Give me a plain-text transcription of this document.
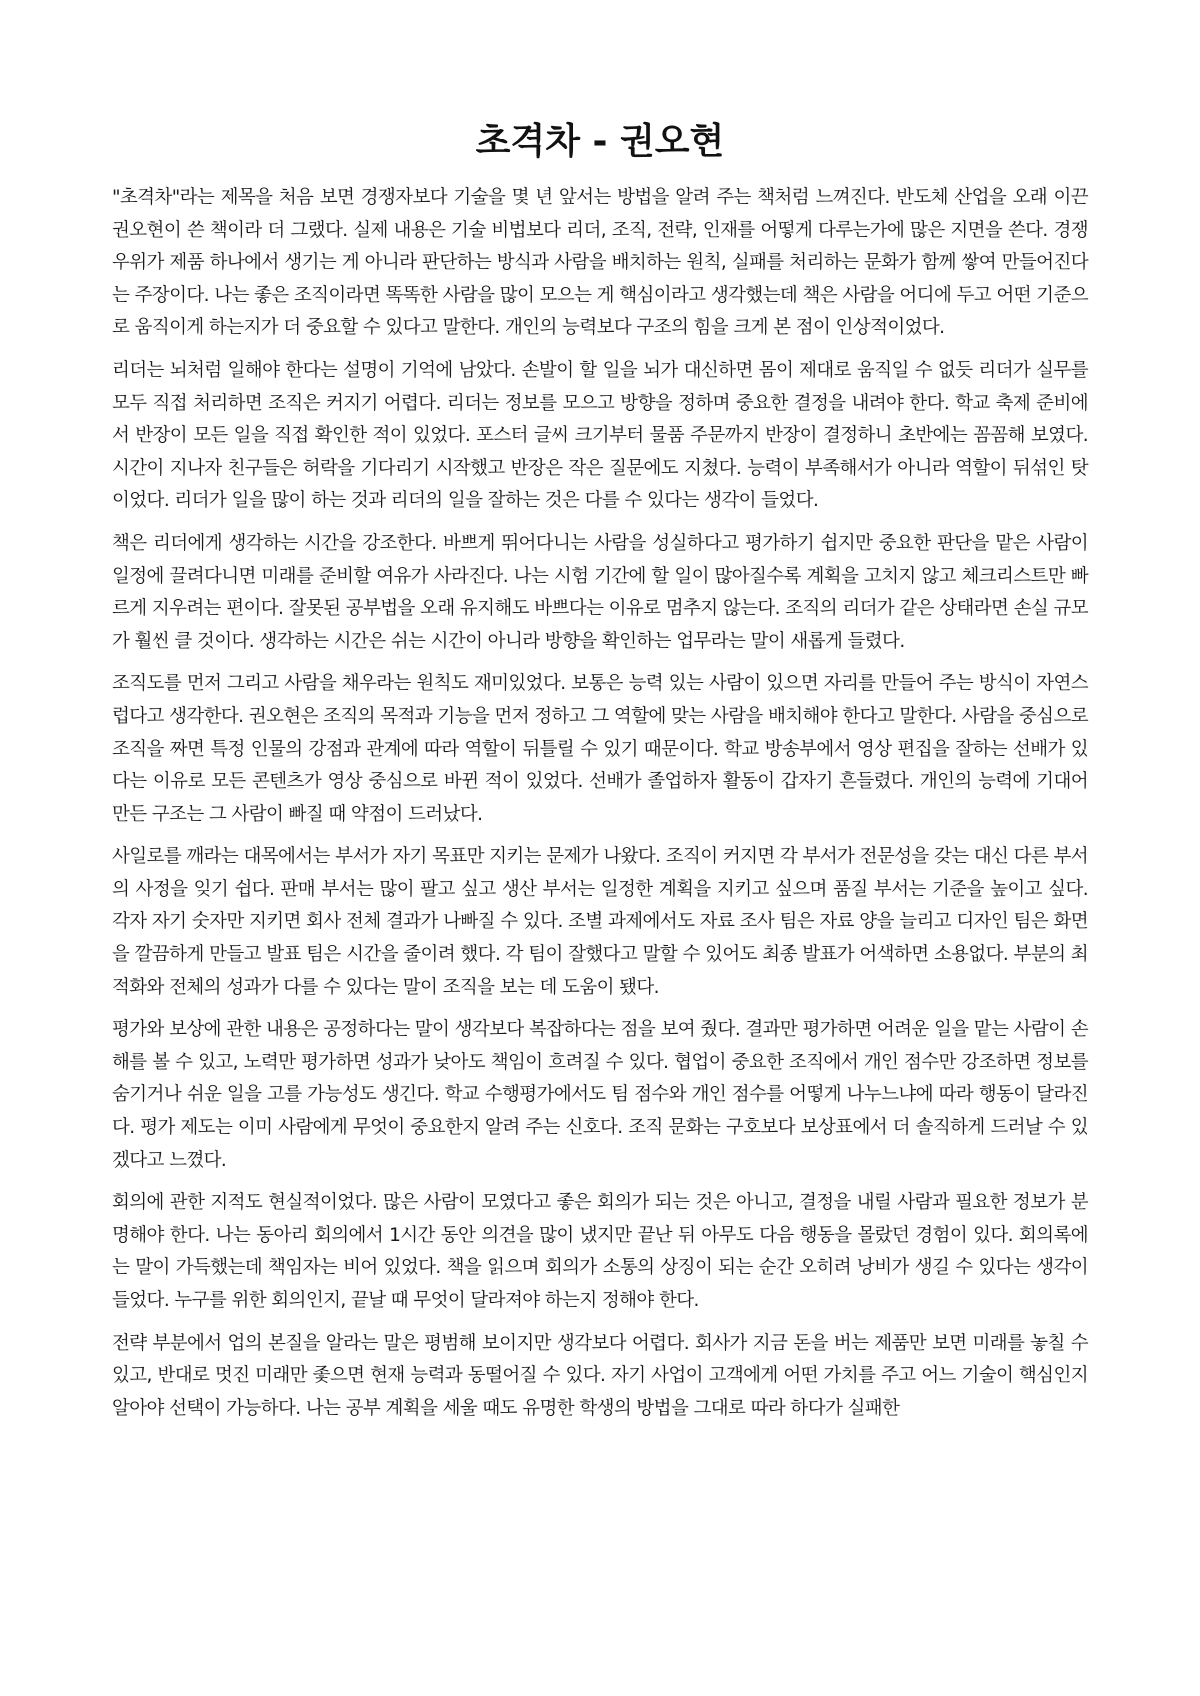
초격차 - 권오현

"초격차"라는 제목을 처음 보면 경쟁자보다 기술을 몇 년 앞서는 방법을 알려 주는 책처럼 느껴진다. 반도체 산업을 오래 이끈 권오현이 쓴 책이라 더 그랬다. 실제 내용은 기술 비법보다 리더, 조직, 전략, 인재를 어떻게 다루는가에 많은 지면을 쓴다. 경쟁 우위가 제품 하나에서 생기는 게 아니라 판단하는 방식과 사람을 배치하는 원칙, 실패를 처리하는 문화가 함께 쌓여 만들어진다는 주장이다. 나는 좋은 조직이라면 똑똑한 사람을 많이 모으는 게 핵심이라고 생각했는데 책은 사람을 어디에 두고 어떤 기준으로 움직이게 하는지가 더 중요할 수 있다고 말한다. 개인의 능력보다 구조의 힘을 크게 본 점이 인상적이었다.

리더는 뇌처럼 일해야 한다는 설명이 기억에 남았다. 손발이 할 일을 뇌가 대신하면 몸이 제대로 움직일 수 없듯 리더가 실무를 모두 직접 처리하면 조직은 커지기 어렵다. 리더는 정보를 모으고 방향을 정하며 중요한 결정을 내려야 한다. 학교 축제 준비에서 반장이 모든 일을 직접 확인한 적이 있었다. 포스터 글씨 크기부터 물품 주문까지 반장이 결정하니 초반에는 꼼꼼해 보였다. 시간이 지나자 친구들은 허락을 기다리기 시작했고 반장은 작은 질문에도 지쳤다. 능력이 부족해서가 아니라 역할이 뒤섞인 탓이었다. 리더가 일을 많이 하는 것과 리더의 일을 잘하는 것은 다를 수 있다는 생각이 들었다.

책은 리더에게 생각하는 시간을 강조한다. 바쁘게 뛰어다니는 사람을 성실하다고 평가하기 쉽지만 중요한 판단을 맡은 사람이 일정에 끌려다니면 미래를 준비할 여유가 사라진다. 나는 시험 기간에 할 일이 많아질수록 계획을 고치지 않고 체크리스트만 빠르게 지우려는 편이다. 잘못된 공부법을 오래 유지해도 바쁘다는 이유로 멈추지 않는다. 조직의 리더가 같은 상태라면 손실 규모가 훨씬 클 것이다. 생각하는 시간은 쉬는 시간이 아니라 방향을 확인하는 업무라는 말이 새롭게 들렸다.

조직도를 먼저 그리고 사람을 채우라는 원칙도 재미있었다. 보통은 능력 있는 사람이 있으면 자리를 만들어 주는 방식이 자연스럽다고 생각한다. 권오현은 조직의 목적과 기능을 먼저 정하고 그 역할에 맞는 사람을 배치해야 한다고 말한다. 사람을 중심으로 조직을 짜면 특정 인물의 강점과 관계에 따라 역할이 뒤틀릴 수 있기 때문이다. 학교 방송부에서 영상 편집을 잘하는 선배가 있다는 이유로 모든 콘텐츠가 영상 중심으로 바뀐 적이 있었다. 선배가 졸업하자 활동이 갑자기 흔들렸다. 개인의 능력에 기대어 만든 구조는 그 사람이 빠질 때 약점이 드러났다.

사일로를 깨라는 대목에서는 부서가 자기 목표만 지키는 문제가 나왔다. 조직이 커지면 각 부서가 전문성을 갖는 대신 다른 부서의 사정을 잊기 쉽다. 판매 부서는 많이 팔고 싶고 생산 부서는 일정한 계획을 지키고 싶으며 품질 부서는 기준을 높이고 싶다. 각자 자기 숫자만 지키면 회사 전체 결과가 나빠질 수 있다. 조별 과제에서도 자료 조사 팀은 자료 양을 늘리고 디자인 팀은 화면을 깔끔하게 만들고 발표 팀은 시간을 줄이려 했다. 각 팀이 잘했다고 말할 수 있어도 최종 발표가 어색하면 소용없다. 부분의 최적화와 전체의 성과가 다를 수 있다는 말이 조직을 보는 데 도움이 됐다.

평가와 보상에 관한 내용은 공정하다는 말이 생각보다 복잡하다는 점을 보여 줬다. 결과만 평가하면 어려운 일을 맡는 사람이 손해를 볼 수 있고, 노력만 평가하면 성과가 낮아도 책임이 흐려질 수 있다. 협업이 중요한 조직에서 개인 점수만 강조하면 정보를 숨기거나 쉬운 일을 고를 가능성도 생긴다. 학교 수행평가에서도 팀 점수와 개인 점수를 어떻게 나누느냐에 따라 행동이 달라진다. 평가 제도는 이미 사람에게 무엇이 중요한지 알려 주는 신호다. 조직 문화는 구호보다 보상표에서 더 솔직하게 드러날 수 있겠다고 느꼈다.

회의에 관한 지적도 현실적이었다. 많은 사람이 모였다고 좋은 회의가 되는 것은 아니고, 결정을 내릴 사람과 필요한 정보가 분명해야 한다. 나는 동아리 회의에서 1시간 동안 의견을 많이 냈지만 끝난 뒤 아무도 다음 행동을 몰랐던 경험이 있다. 회의록에는 말이 가득했는데 책임자는 비어 있었다. 책을 읽으며 회의가 소통의 상징이 되는 순간 오히려 낭비가 생길 수 있다는 생각이 들었다. 누구를 위한 회의인지, 끝날 때 무엇이 달라져야 하는지 정해야 한다.

전략 부분에서 업의 본질을 알라는 말은 평범해 보이지만 생각보다 어렵다. 회사가 지금 돈을 버는 제품만 보면 미래를 놓칠 수 있고, 반대로 멋진 미래만 좇으면 현재 능력과 동떨어질 수 있다. 자기 사업이 고객에게 어떤 가치를 주고 어느 기술이 핵심인지 알아야 선택이 가능하다. 나는 공부 계획을 세울 때도 유명한 학생의 방법을 그대로 따라 하다가 실패한
